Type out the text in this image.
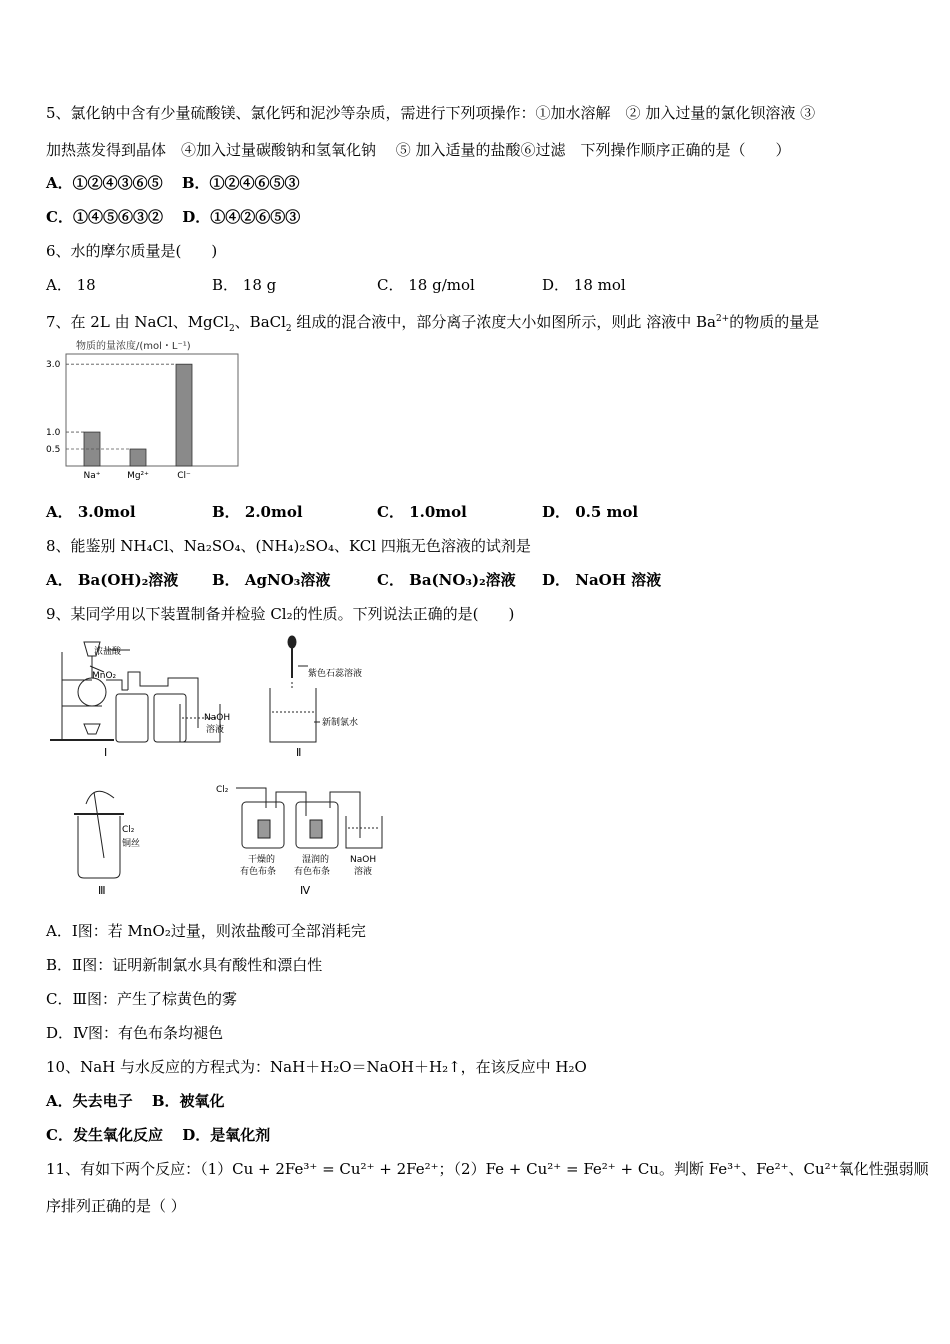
5、氯化钠中含有少量硫酸镁、氯化钙和泥沙等杂质，需进行下列项操作：①加水溶解　② 加入过量的氯化钡溶液 ③
加热蒸发得到晶体　④加入过量碳酸钠和氢氧化钠　 ⑤ 加入适量的盐酸⑥过滤　下列操作顺序正确的是（　　）
A．①②④③⑥⑤ B．①②④⑥⑤③
C．①④⑤⑥③② D．①④②⑥⑤③
6、水的摩尔质量是(　　)
A． 18	B． 18 g	C． 18 g/mol	D． 18 mol
7、在 2L 由 NaCl、MgCl$_2$、BaCl$_2$ 组成的混合液中，部分离子浓度大小如图所示，则此 溶液中 $Ba^{2+}$的物质的量是
物质的量浓度/(mol・L⁻¹)
Na⁺	Mg²⁺	Cl⁻
3.0
1.0
0.5
A． 3.0mol	B． 2.0mol	C． 1.0mol	D． 0.5 mol
8、能鉴别 NH₄Cl、Na₂SO₄、(NH₄)₂SO₄、KCl 四瓶无色溶液的试剂是
A． Ba(OH)₂溶液 B． AgNO₃溶液	C． Ba(NO₃)₂溶液 D． NaOH 溶液
9、某同学用以下装置制备并检验 Cl₂的性质。下列说法正确的是(　　)
浓盐酸
MnO₂
NaOH
溶液
Ⅰ
紫色石蕊溶液
新制氯水
Ⅱ
Cl₂
铜丝
Ⅲ
Cl₂
干燥的
有色布条
湿润的
有色布条
NaOH
溶液
Ⅳ
A．Ⅰ图：若 MnO₂过量，则浓盐酸可全部消耗完
B．Ⅱ图：证明新制氯水具有酸性和漂白性
C．Ⅲ图：产生了棕黄色的雾
D．Ⅳ图：有色布条均褪色
10、NaH 与水反应的方程式为：NaH＋H₂O＝NaOH＋H₂↑，在该反应中 H₂O
A．失去电子 B．被氧化
C．发生氧化反应 D．是氧化剂
11、有如下两个反应：（1）Cu + 2Fe³⁺ = Cu²⁺ + 2Fe²⁺；（2）Fe + Cu²⁺ = Fe²⁺ + Cu。判断 Fe³⁺、Fe²⁺、Cu²⁺氧化性强弱顺
序排列正确的是（ ）
